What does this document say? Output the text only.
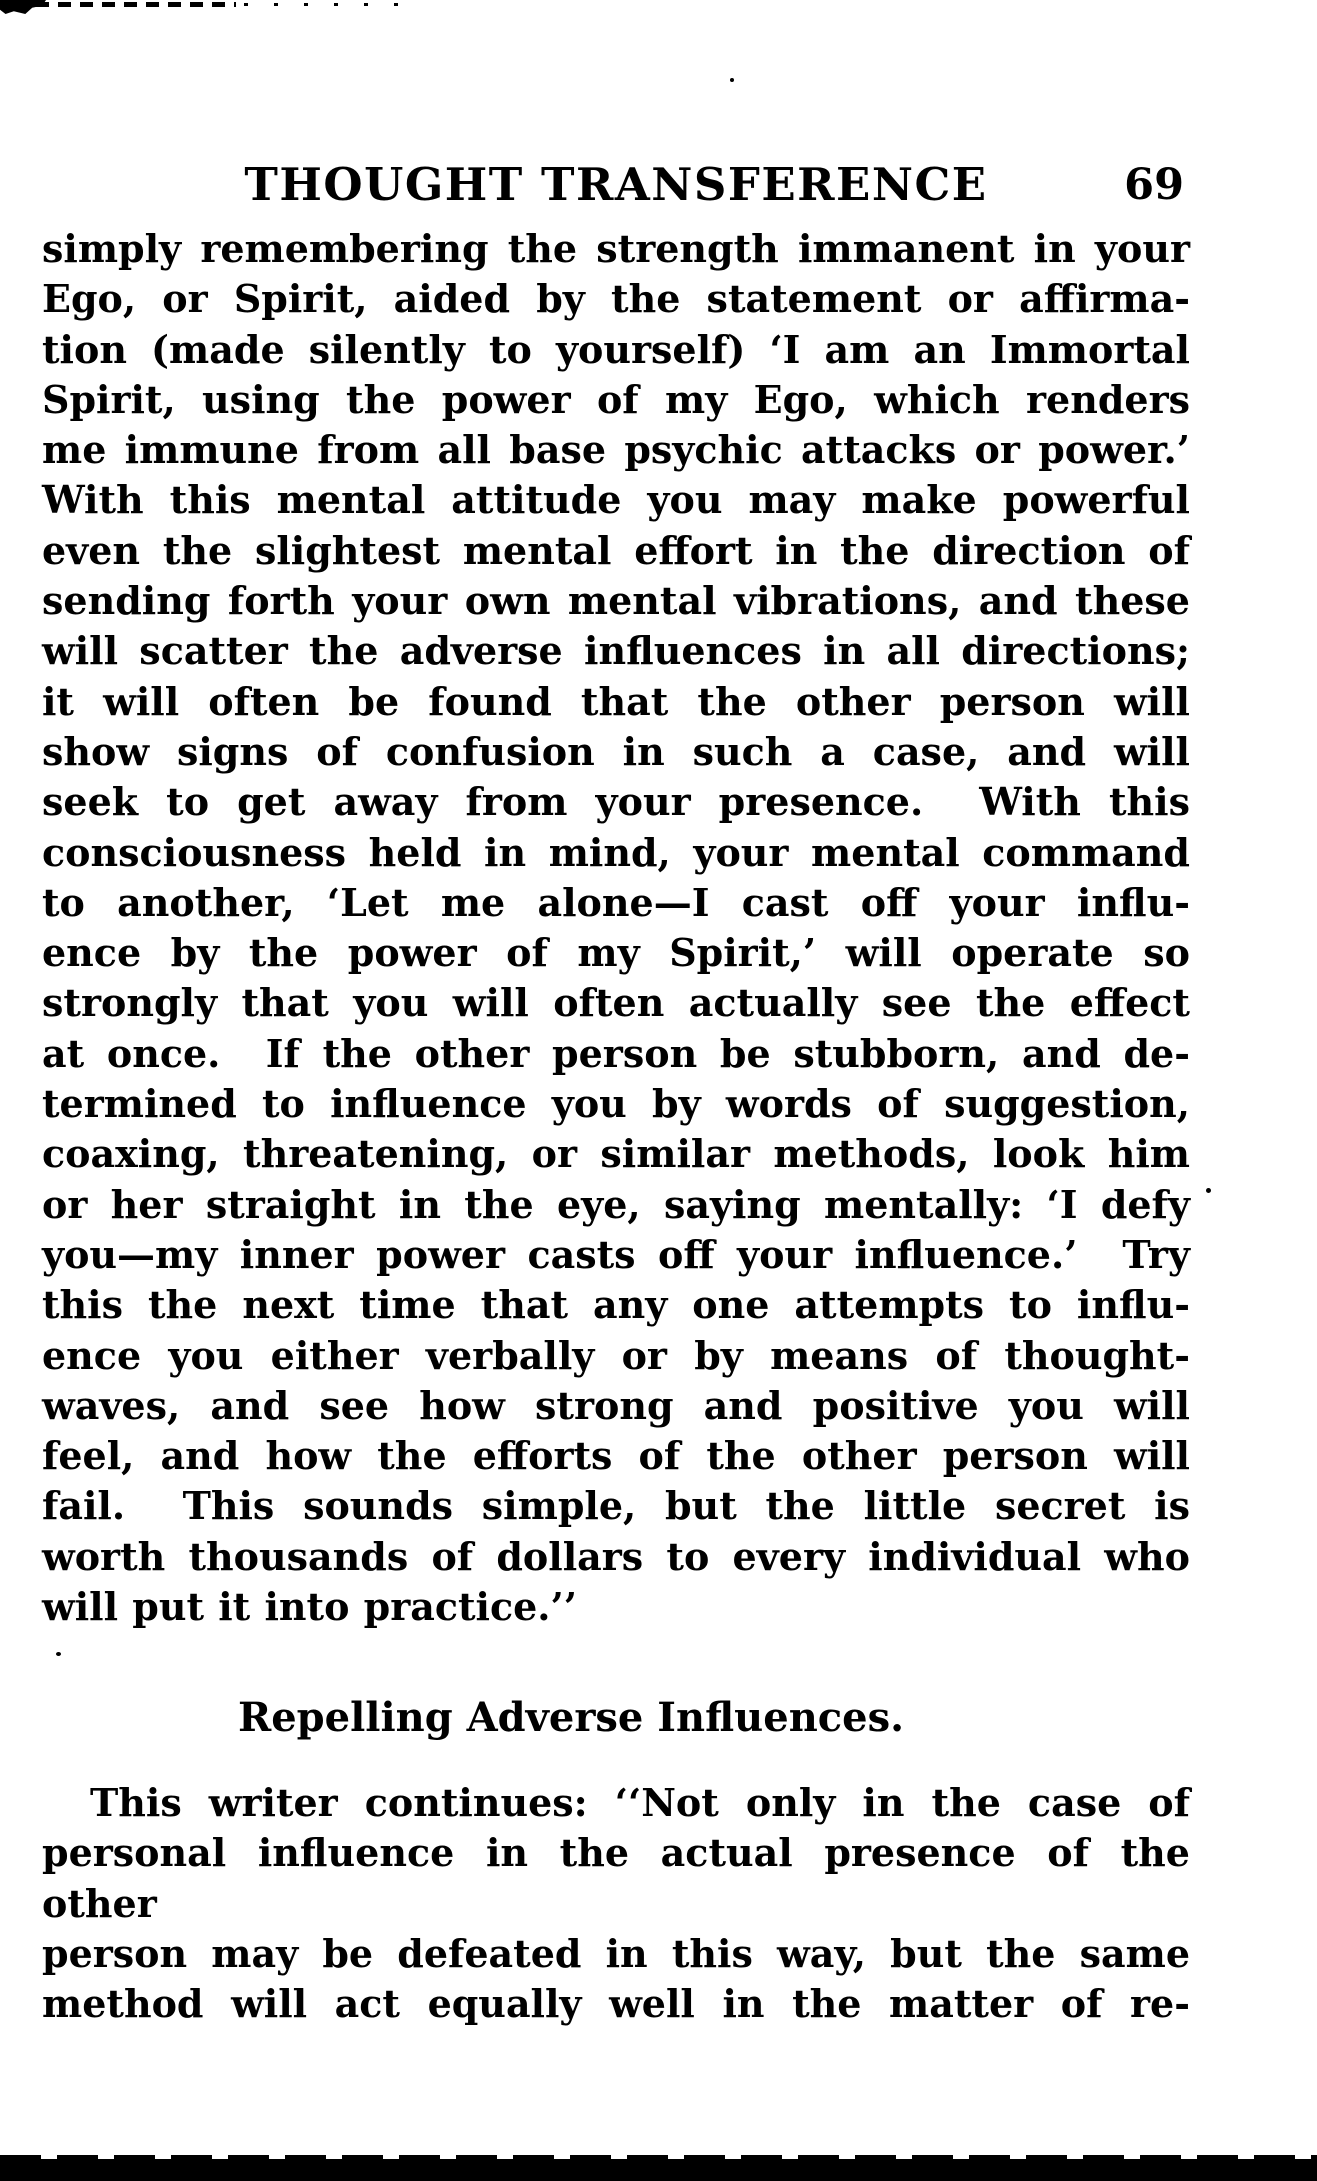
THOUGHT TRANSFERENCE	69
simply remembering the strength immanent in your
Ego, or Spirit, aided by the statement or affirma-
tion (made silently to yourself) ‘I am an Immortal
Spirit, using the power of my Ego, which renders
me immune from all base psychic attacks or power.’
With this mental attitude you may make powerful
even the slightest mental effort in the direction of
sending forth your own mental vibrations, and these
will scatter the adverse influences in all directions;
it will often be found that the other person will
show signs of confusion in such a case, and will
seek to get away from your presence.  With this
consciousness held in mind, your mental command
to another, ‘Let me alone—I cast off your influ-
ence by the power of my Spirit,’ will operate so
strongly that you will often actually see the effect
at once.  If the other person be stubborn, and de-
termined to influence you by words of suggestion,
coaxing, threatening, or similar methods, look him
or her straight in the eye, saying mentally: ‘I defy
you—my inner power casts off your influence.’  Try
this the next time that any one attempts to influ-
ence you either verbally or by means of thought-
waves, and see how strong and positive you will
feel, and how the efforts of the other person will
fail.  This sounds simple, but the little secret is
worth thousands of dollars to every individual who
will put it into practice.’’
Repelling Adverse Influences.
This writer continues: ‘‘Not only in the case of
personal influence in the actual presence of the other
person may be defeated in this way, but the same
method will act equally well in the matter of re-
